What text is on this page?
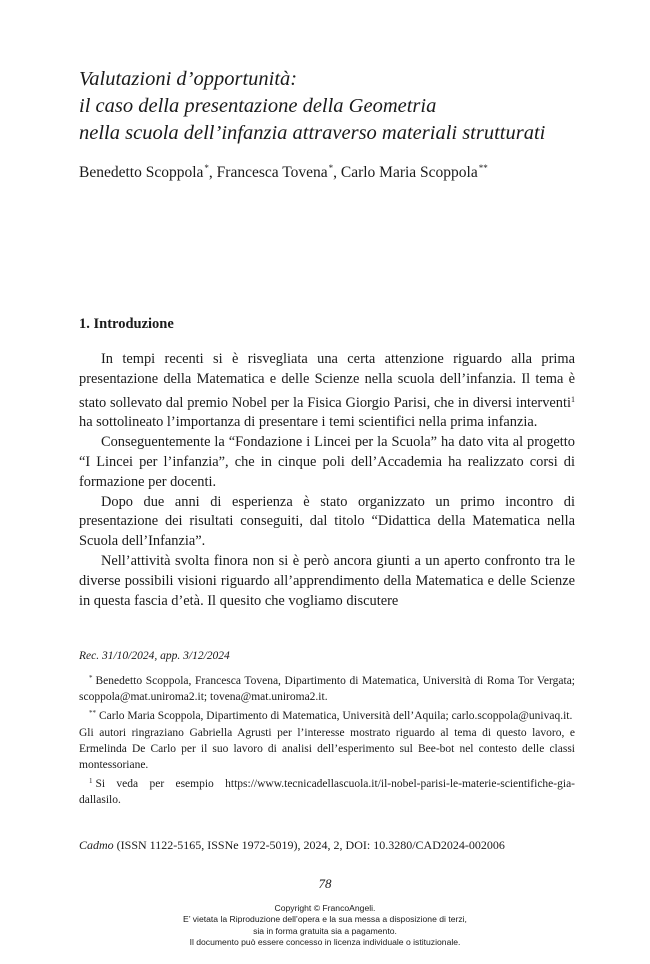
Valutazioni d’opportunità:
il caso della presentazione della Geometria
nella scuola dell’infanzia attraverso materiali strutturati
Benedetto Scoppola*, Francesca Tovena*, Carlo Maria Scoppola**
1. Introduzione

In tempi recenti si è risvegliata una certa attenzione riguardo alla prima presentazione della Matematica e delle Scienze nella scuola dell’infanzia. Il tema è stato sollevato dal premio Nobel per la Fisica Giorgio Parisi, che in diversi interventi$^1$ ha sottolineato l’importanza di presentare i temi scientifici nella prima infanzia.

Conseguentemente la “Fondazione i Lincei per la Scuola” ha dato vita al progetto “I Lincei per l’infanzia”, che in cinque poli dell’Accademia ha realizzato corsi di formazione per docenti.

Dopo due anni di esperienza è stato organizzato un primo incontro di presentazione dei risultati conseguiti, dal titolo “Didattica della Matematica nella Scuola dell’Infanzia”.

Nell’attività svolta finora non si è però ancora giunti a un aperto confronto tra le diverse possibili visioni riguardo all’apprendimento della Matematica e delle Scienze in questa fascia d’età. Il quesito che vogliamo discutere

Rec. 31/10/2024, app. 3/12/2024

* Benedetto Scoppola, Francesca Tovena, Dipartimento di Matematica, Università di Roma Tor Vergata; scoppola@mat.uniroma2.it; tovena@mat.uniroma2.it.

** Carlo Maria Scoppola, Dipartimento di Matematica, Università dell’Aquila; carlo.scoppola@univaq.it.

Gli autori ringraziano Gabriella Agrusti per l’interesse mostrato riguardo al tema di questo lavoro, e Ermelinda De Carlo per il suo lavoro di analisi dell’esperimento sul Bee-bot nel contesto delle classi montessoriane.

$^1$ Si veda per esempio https://www.tecnicadellascuola.it/il-nobel-parisi-le-materie-scientifiche-gia-dallasilo.

Cadmo (ISSN 1122-5165, ISSNe 1972-5019), 2024, 2, DOI: 10.3280/CAD2024-002006
78
Copyright © FrancoAngeli.
E’ vietata la Riproduzione dell’opera e la sua messa a disposizione di terzi,
sia in forma gratuita sia a pagamento.
Il documento può essere concesso in licenza individuale o istituzionale.
